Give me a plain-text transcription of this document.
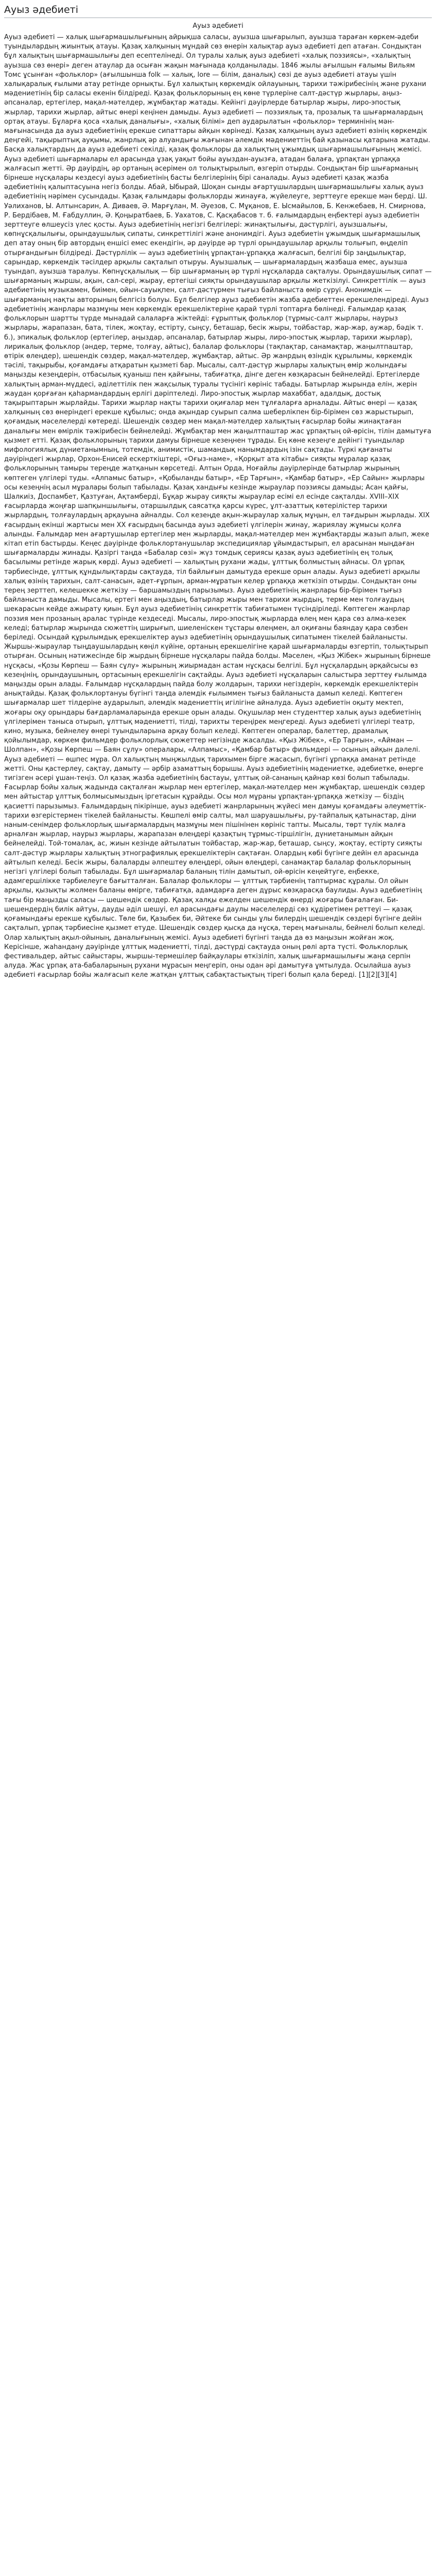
Ауыз әдебиеті
Ауыз әдебиеті

Ауыз әдебиеті — халық шығармашылығының айрықша саласы, ауызша шығарылып, ауызша тараған көркем-әдеби туындылардың жиынтық атауы. Қазақ халқының мұндай сөз өнерін халықтар ауыз әдебиеті деп атаған. Сондықтан бұл халықтың шығармашылығы деп есептелінеді. Ол туралы халық ауыз әдебиеті «халық поэзиясы», «халықтың ауызша сөз өнері» деген атаулар да осыған жақын мағынада қолданылады. 1846 жылы ағылшын ғалымы Вильям Томс ұсынған «фольклор» (ағылшынша folk — халық, lore — білім, даналық) сөзі де ауыз әдебиеті атауы үшін халықаралық ғылыми атау ретінде орнықты. Бұл халықтың көркемдік ойлауының, тарихи тәжірибесінің және рухани мәдениетінің бір саласы екенін білдіреді. Қазақ фольклорының ең көне түрлеріне салт-дәстүр жырлары, аңыз-әпсаналар, ертегілер, мақал-мәтелдер, жұмбақтар жатады. Кейінгі дәуірлерде батырлар жыры, лиро-эпостық жырлар, тарихи жырлар, айтыс өнері кеңінен дамыды. Ауыз әдебиеті — поэзиялық та, прозалық та шығармалардың ортақ атауы. Бұларға қоса «халық даналығы», «халық білімі» деп аударылатын «фольклор» терминінің мән-мағынасында да ауыз әдебиетінің ерекше сипаттары айқын көрінеді. Қазақ халқының ауыз әдебиеті өзінің көркемдік деңгейі, тақырыптық ауқымы, жанрлық әр алуандығы жағынан әлемдік мәдениеттің бай қазынасы қатарына жатады. Басқа халықтардың да ауыз әдебиеті секілді, қазақ фольклоры да халықтың ұжымдық шығармашылығының жемісі. Ауыз әдебиеті шығармалары ел арасында ұзақ уақыт бойы ауыздан-ауызға, атадан балаға, ұрпақтан ұрпаққа жалғасып жетті. Әр дәуірдің, әр ортаның әсерімен ол толықтырылып, өзгеріп отырды. Сондықтан бір шығарманың бірнеше нұсқалары кездесуі ауыз әдебиетінің басты белгілерінің бірі саналады. Ауыз әдебиеті қазақ жазба әдебиетінің қалыптасуына негіз болды. Абай, Ыбырай, Шоқан сынды ағартушылардың шығармашылығы халық ауыз әдебиетінің нәрімен сусындады. Қазақ ғалымдары фольклорды жинауға, жүйелеуге, зерттеуге ерекше мән берді. Ш. Уәлиханов, Ы. Алтынсарин, А. Диваев, Ә. Марғұлан, М. Әуезов, С. Мұқанов, Е. Ысмайылов, Б. Кенжебаев, Н. Смирнова, Р. Бердібаев, М. Ғабдуллин, Ә. Қоңыратбаев, Б. Уахатов, С. Қасқабасов т. б. ғалымдардың еңбектері ауыз әдебиетін зерттеуге өлшеусіз үлес қосты. Ауыз әдебиетінің негізгі белгілері: жинақтылығы, дәстүрлігі, ауызшалығы, көпнұсқалылығы, орындаушылық сипаты, синкреттілігі және анонимдігі. Ауыз әдебиетін ұжымдық шығармашылық деп атау оның бір автордың еншісі емес екендігін, әр дәуірде әр түрлі орындаушылар арқылы толығып, өңделіп отырғандығын білдіреді. Дәстүрлілік — ауыз әдебиетінің ұрпақтан-ұрпаққа жалғасып, белгілі бір заңдылықтар, сарындар, көркемдік тәсілдер арқылы сақталып отыруы. Ауызшалық — шығармалардың жазбаша емес, ауызша туындап, ауызша таралуы. Көпнұсқалылық — бір шығарманың әр түрлі нұсқаларда сақталуы. Орындаушылық сипат — шығарманың жыршы, ақын, сал-сері, жырау, ертегіші сияқты орындаушылар арқылы жеткізілуі. Синкреттілік — ауыз әдебиетінің музыкамен, биімен, ойын-сауықпен, салт-дәстүрмен тығыз байланыста өмір сүруі. Анонимдік — шығарманың нақты авторының белгісіз болуы. Бұл белгілер ауыз әдебиетін жазба әдебиеттен ерекшелендіреді. Ауыз әдебиетінің жанрлары мазмұны мен көркемдік ерекшеліктеріне қарай түрлі топтарға бөлінеді. Ғалымдар қазақ фольклорын шартты түрде мынадай салаларға жіктейді: ғұрыптық фольклор (тұрмыс-салт жырлары, наурыз жырлары, жарапазан, бата, тілек, жоқтау, естірту, сыңсу, беташар, бесік жыры, тойбастар, жар-жар, аужар, бәдік т. б.), эпикалық фольклор (ертегілер, аңыздар, әпсаналар, батырлар жыры, лиро-эпостық жырлар, тарихи жырлар), лирикалық фольклор (әндер, терме, толғау, айтыс), балалар фольклоры (тақпақтар, санамақтар, жаңылтпаштар, өтірік өлеңдер), шешендік сөздер, мақал-мәтелдер, жұмбақтар, айтыс. Әр жанрдың өзіндік құрылымы, көркемдік тәсілі, тақырыбы, қоғамдағы атқаратын қызметі бар. Мысалы, салт-дәстүр жырлары халықтың өмір жолындағы маңызды кезеңдерін, отбасылық қуаныш пен қайғыны, табиғатқа, дінге деген көзқарасын бейнелейді. Ертегілерде халықтың арман-мүддесі, әділеттілік пен жақсылық туралы түсінігі көрініс табады. Батырлар жырында елін, жерін жаудан қорғаған қаһармандардың ерлігі дәріптеледі. Лиро-эпостық жырлар махаббат, адалдық, достық тақырыптарын жырлайды. Тарихи жырлар нақты тарихи оқиғалар мен тұлғаларға арналады. Айтыс өнері — қазақ халқының сөз өнеріндегі ерекше құбылыс; онда ақындар суырып салма шеберлікпен бір-бірімен сөз жарыстырып, қоғамдық мәселелерді көтереді. Шешендік сөздер мен мақал-мәтелдер халықтың ғасырлар бойы жинақтаған даналығы мен өмірлік тәжірибесін бейнелейді. Жұмбақтар мен жаңылтпаштар жас ұрпақтың ой-өрісін, тілін дамытуға қызмет етті. Қазақ фольклорының тарихи дамуы бірнеше кезеңнен тұрады. Ең көне кезеңге дейінгі туындылар мифологиялық дүниетанымның, тотемдік, анимистік, шамандық нанымдардың ізін сақтады. Түркі қағанаты дәуіріндегі жырлар, Орхон-Енисей ескерткіштері, «Оғыз-наме», «Қорқыт ата кітабы» сияқты мұралар қазақ фольклорының тамыры тереңде жатқанын көрсетеді. Алтын Орда, Ноғайлы дәуірлерінде батырлар жырының көптеген үлгілері туды. «Алпамыс батыр», «Қобыланды батыр», «Ер Тарғын», «Қамбар батыр», «Ер Сайын» жырлары осы кезеңнің асыл мұралары болып табылады. Қазақ хандығы кезінде жыраулар поэзиясы дамыды; Асан қайғы, Шалкиіз, Доспамбет, Қазтуған, Ақтамберді, Бұқар жырау сияқты жыраулар есімі ел есінде сақталды. XVIII–XIX ғасырларда жоңғар шапқыншылығы, отаршылдық саясатқа қарсы күрес, ұлт-азаттық көтерілістер тарихи жырлардың, толғаулардың арқауына айналды. Сол кезеңде ақын-жыраулар халық мұңын, ел тағдырын жырлады. XIX ғасырдың екінші жартысы мен XX ғасырдың басында ауыз әдебиеті үлгілерін жинау, жариялау жұмысы қолға алынды. Ғалымдар мен ағартушылар ертегілер мен жырларды, мақал-мәтелдер мен жұмбақтарды жазып алып, жеке кітап етіп бастырды. Кеңес дәуірінде фольклортанушылар экспедициялар ұйымдастырып, ел арасынан мыңдаған шығармаларды жинады. Қазіргі таңда «Бабалар сөзі» жүз томдық сериясы қазақ ауыз әдебиетінің ең толық басылымы ретінде жарық көрді. Ауыз әдебиеті — халықтың рухани жады, ұлттық болмыстың айнасы. Ол ұрпақ тәрбиесінде, ұлттық құндылықтарды сақтауда, тіл байлығын дамытуда ерекше орын алады. Ауыз әдебиеті арқылы халық өзінің тарихын, салт-санасын, әдет-ғұрпын, арман-мұратын келер ұрпаққа жеткізіп отырды. Сондықтан оны терең зерттеп, келешекке жеткізу — баршамыздың парызымыз. Ауыз әдебиетінің жанрлары бір-бірімен тығыз байланыста дамыды. Мысалы, ертегі мен аңыздың, батырлар жыры мен тарихи жырдың, терме мен толғаудың шекарасын кейде ажырату қиын. Бұл ауыз әдебиетінің синкреттік табиғатымен түсіндіріледі. Көптеген жанрлар поэзия мен прозаның аралас түрінде кездеседі. Мысалы, лиро-эпостық жырларда өлең мен қара сөз алма-кезек келеді; батырлар жырында сюжеттің ширығып, шиеленіскен тұстары өлеңмен, ал оқиғаны баяндау қара сөзбен беріледі. Осындай құрылымдық ерекшеліктер ауыз әдебиетінің орындаушылық сипатымен тікелей байланысты. Жыршы-жыраулар тыңдаушылардың көңіл күйіне, ортаның ерекшелігіне қарай шығармаларды өзгертіп, толықтырып отырған. Осының нәтижесінде бір жырдың бірнеше нұсқалары пайда болды. Мәселен, «Қыз Жібек» жырының бірнеше нұсқасы, «Қозы Көрпеш — Баян сұлу» жырының жиырмадан астам нұсқасы белгілі. Бұл нұсқалардың әрқайсысы өз кезеңінің, орындаушының, ортасының ерекшелігін сақтайды. Ауыз әдебиеті нұсқаларын салыстыра зерттеу ғылымда маңызды орын алады. Ғалымдар нұсқалардың пайда болу жолдарын, тарихи негіздерін, көркемдік ерекшеліктерін анықтайды. Қазақ фольклортануы бүгінгі таңда әлемдік ғылыммен тығыз байланыста дамып келеді. Көптеген шығармалар шет тілдеріне аударылып, әлемдік мәдениеттің игілігіне айналуда. Ауыз әдебиетін оқыту мектеп, жоғары оқу орындары бағдарламаларында ерекше орын алады. Оқушылар мен студенттер халық ауыз әдебиетінің үлгілерімен таныса отырып, ұлттық мәдениетті, тілді, тарихты тереңірек меңгереді. Ауыз әдебиеті үлгілері театр, кино, музыка, бейнелеу өнері туындыларына арқау болып келеді. Көптеген опералар, балеттер, драмалық қойылымдар, көркем фильмдер фольклорлық сюжеттер негізінде жасалды. «Қыз Жібек», «Ер Тарғын», «Айман — Шолпан», «Қозы Көрпеш — Баян сұлу» опералары, «Алпамыс», «Қамбар батыр» фильмдері — осының айқын дәлелі. Ауыз әдебиеті — өшпес мұра. Ол халықтың мыңжылдық тарихымен бірге жасасып, бүгінгі ұрпаққа аманат ретінде жетті. Оны қастерлеу, сақтау, дамыту — әрбір азаматтың борышы. Ауыз әдебиетінің мәдениетке, әдебиетке, өнерге тигізген әсері ұшан-теңіз. Ол қазақ жазба әдебиетінің бастауы, ұлттық ой-сананың қайнар көзі болып табылады. Ғасырлар бойы халық жадында сақталған жырлар мен ертегілер, мақал-мәтелдер мен жұмбақтар, шешендік сөздер мен айтыстар ұлттық болмысымыздың іргетасын құрайды. Осы мол мұраны ұрпақтан-ұрпаққа жеткізу — біздің қасиетті парызымыз. Ғалымдардың пікірінше, ауыз әдебиеті жанрларының жүйесі мен дамуы қоғамдағы әлеуметтік-тарихи өзгерістермен тікелей байланысты. Көшпелі өмір салты, мал шаруашылығы, ру-тайпалық қатынастар, діни наным-сенімдер фольклорлық шығармалардың мазмұны мен пішінінен көрініс тапты. Мысалы, төрт түлік малға арналған жырлар, наурыз жырлары, жарапазан өлеңдері қазақтың тұрмыс-тіршілігін, дүниетанымын айқын бейнелейді. Той-томалақ, ас, жиын кезінде айтылатын тойбастар, жар-жар, беташар, сыңсу, жоқтау, естірту сияқты салт-дәстүр жырлары халықтың этнографиялық ерекшеліктерін сақтаған. Олардың көбі бүгінге дейін ел арасында айтылып келеді. Бесік жыры, балаларды әлпештеу өлеңдері, ойын өлеңдері, санамақтар балалар фольклорының негізгі үлгілері болып табылады. Бұл шығармалар баланың тілін дамытып, ой-өрісін кеңейтуге, еңбекке, адамгершілікке тәрбиелеуге бағытталған. Балалар фольклоры — ұлттық тәрбиенің таптырмас құралы. Ол ойын арқылы, қызықты жолмен баланы өмірге, табиғатқа, адамдарға деген дұрыс көзқарасқа баулиды. Ауыз әдебиетінің тағы бір маңызды саласы — шешендік сөздер. Қазақ халқы ежелден шешендік өнерді жоғары бағалаған. Би-шешендердің билік айтуы, дауды әділ шешуі, ел арасындағы даулы мәселелерді сөз құдіретімен реттеуі — қазақ қоғамындағы ерекше құбылыс. Төле би, Қазыбек би, Әйтеке би сынды ұлы билердің шешендік сөздері бүгінге дейін сақталып, ұрпақ тәрбиесіне қызмет етуде. Шешендік сөздер қысқа да нұсқа, терең мағыналы, бейнелі болып келеді. Олар халықтың ақыл-ойының, даналығының жемісі. Ауыз әдебиеті бүгінгі таңда да өз маңызын жойған жоқ. Керісінше, жаһандану дәуірінде ұлттық мәдениетті, тілді, дәстүрді сақтауда оның рөлі арта түсті. Фольклорлық фестивальдер, айтыс сайыстары, жыршы-термешілер байқаулары өткізіліп, халық шығармашылығы жаңа серпін алуда. Жас ұрпақ ата-бабаларының рухани мұрасын меңгеріп, оны одан әрі дамытуға ұмтылуда. Осылайша ауыз әдебиеті ғасырлар бойы жалғасып келе жатқан ұлттық сабақтастықтың тірегі болып қала береді. [1][2][3][4]
